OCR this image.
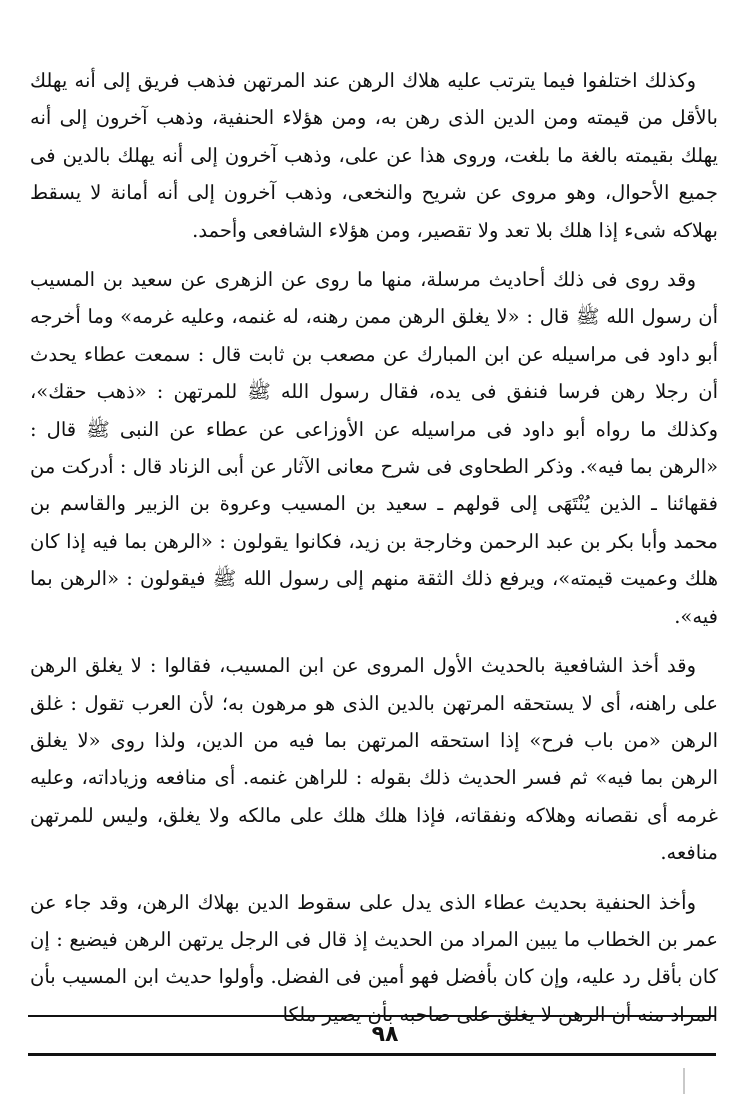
وكذلك اختلفوا فيما يترتب عليه هلاك الرهن عند المرتهن فذهب فريق إلى أنه يهلك بالأقل من قيمته ومن الدين الذى رهن به، ومن هؤلاء الحنفية، وذهب آخرون إلى أنه يهلك بقيمته بالغة ما بلغت، وروى هذا عن على، وذهب آخرون إلى أنه يهلك بالدين فى جميع الأحوال، وهو مروى عن شريح والنخعى، وذهب آخرون إلى أنه أمانة لا يسقط بهلاكه شىء إذا هلك بلا تعد ولا تقصير، ومن هؤلاء الشافعى وأحمد.

وقد روى فى ذلك أحاديث مرسلة، منها ما روى عن الزهرى عن سعيد بن المسيب أن رسول الله ﷺ قال : «لا يغلق الرهن ممن رهنه، له غنمه، وعليه غرمه» وما أخرجه أبو داود فى مراسيله عن ابن المبارك عن مصعب بن ثابت قال : سمعت عطاء يحدث أن رجلا رهن فرسا فنفق فى يده، فقال رسول الله ﷺ للمرتهن : «ذهب حقك»، وكذلك ما رواه أبو داود فى مراسيله عن الأوزاعى عن عطاء عن النبى ﷺ قال : «الرهن بما فيه». وذكر الطحاوى فى شرح معانى الآثار عن أبى الزناد قال : أدركت من فقهائنا ـ الذين يُنْتَهَى إلى قولهم ـ سعيد بن المسيب وعروة بن الزبير والقاسم بن محمد وأبا بكر بن عبد الرحمن وخارجة بن زيد، فكانوا يقولون : «الرهن بما فيه إذا كان هلك وعميت قيمته»، ويرفع ذلك الثقة منهم إلى رسول الله ﷺ فيقولون : «الرهن بما فيه».

وقد أخذ الشافعية بالحديث الأول المروى عن ابن المسيب، فقالوا : لا يغلق الرهن على راهنه، أى لا يستحقه المرتهن بالدين الذى هو مرهون به؛ لأن العرب تقول : غلق الرهن «من باب فرح» إذا استحقه المرتهن بما فيه من الدين، ولذا روى «لا يغلق الرهن بما فيه» ثم فسر الحديث ذلك بقوله : للراهن غنمه. أى منافعه وزياداته، وعليه غرمه أى نقصانه وهلاكه ونفقاته، فإذا هلك هلك على مالكه ولا يغلق، وليس للمرتهن منافعه.

وأخذ الحنفية بحديث عطاء الذى يدل على سقوط الدين بهلاك الرهن، وقد جاء عن عمر بن الخطاب ما يبين المراد من الحديث إذ قال فى الرجل يرتهن الرهن فيضيع : إن كان بأقل رد عليه، وإن كان بأفضل فهو أمين فى الفضل. وأولوا حديث ابن المسيب بأن المراد منه أن الرهن لا يغلق على صاحبه بأن يصير ملكا

٩٨
